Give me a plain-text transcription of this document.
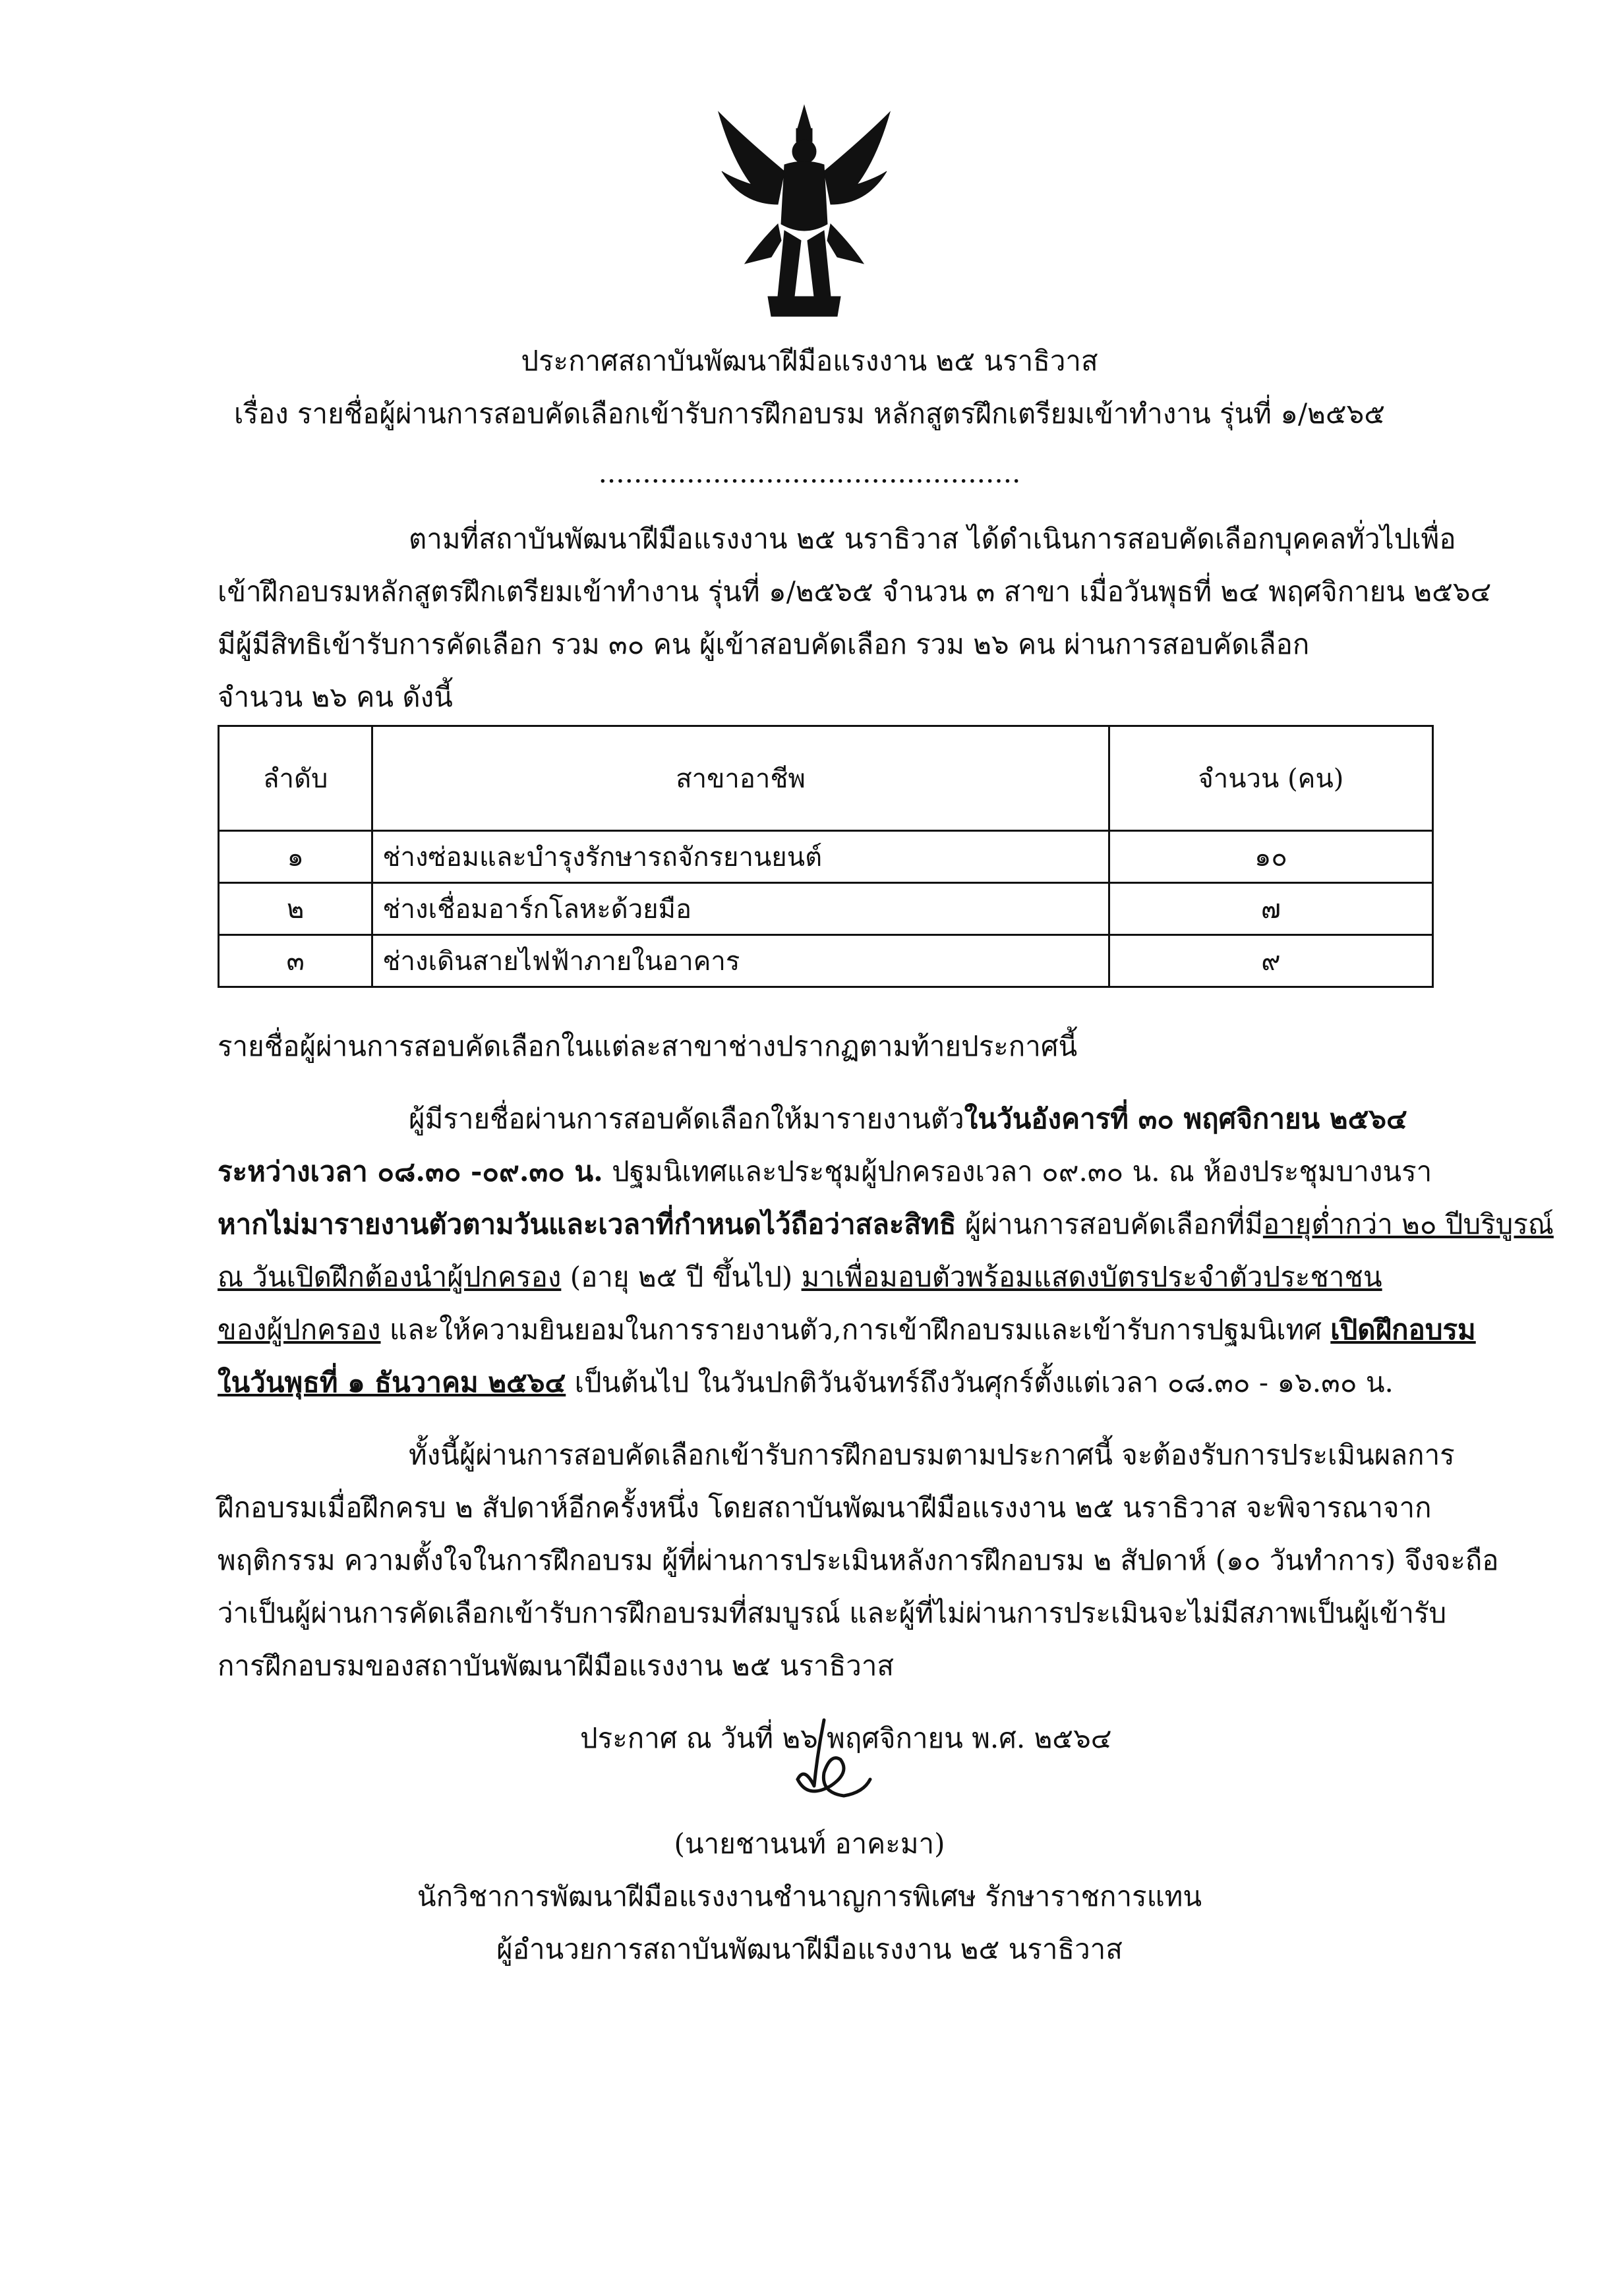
ประกาศสถาบันพัฒนาฝีมือแรงงาน ๒๕ นราธิวาส
เรื่อง รายชื่อผู้ผ่านการสอบคัดเลือกเข้ารับการฝึกอบรม หลักสูตรฝึกเตรียมเข้าทำงาน รุ่นที่ ๑/๒๕๖๕
................................................
ตามที่สถาบันพัฒนาฝีมือแรงงาน ๒๕ นราธิวาส ได้ดำเนินการสอบคัดเลือกบุคคลทั่วไปเพื่อ
เข้าฝึกอบรมหลักสูตรฝึกเตรียมเข้าทำงาน รุ่นที่ ๑/๒๕๖๕ จำนวน ๓ สาขา เมื่อวันพุธที่ ๒๔ พฤศจิกายน ๒๕๖๔
มีผู้มีสิทธิเข้ารับการคัดเลือก รวม ๓๐ คน ผู้เข้าสอบคัดเลือก รวม ๒๖ คน ผ่านการสอบคัดเลือก
จำนวน ๒๖ คน ดังนี้
ลำดับ	สาขาอาชีพ	จำนวน (คน)
๑	ช่างซ่อมและบำรุงรักษารถจักรยานยนต์	๑๐
๒	ช่างเชื่อมอาร์กโลหะด้วยมือ	๗
๓	ช่างเดินสายไฟฟ้าภายในอาคาร	๙
รายชื่อผู้ผ่านการสอบคัดเลือกในแต่ละสาขาช่างปรากฏตามท้ายประกาศนี้
ผู้มีรายชื่อผ่านการสอบคัดเลือกให้มารายงานตัวในวันอังคารที่ ๓๐ พฤศจิกายน ๒๕๖๔
ระหว่างเวลา ๐๘.๓๐ -๐๙.๓๐ น. ปฐมนิเทศและประชุมผู้ปกครองเวลา ๐๙.๓๐ น. ณ ห้องประชุมบางนรา
หากไม่มารายงานตัวตามวันและเวลาที่กำหนดไว้ถือว่าสละสิทธิ ผู้ผ่านการสอบคัดเลือกที่มีอายุต่ำกว่า ๒๐ ปีบริบูรณ์
ณ วันเปิดฝึกต้องนำผู้ปกครอง (อายุ ๒๕ ปี ขึ้นไป) มาเพื่อมอบตัวพร้อมแสดงบัตรประจำตัวประชาชน
ของผู้ปกครอง และให้ความยินยอมในการรายงานตัว,การเข้าฝึกอบรมและเข้ารับการปฐมนิเทศ เปิดฝึกอบรม
ในวันพุธที่ ๑ ธันวาคม ๒๕๖๔ เป็นต้นไป ในวันปกติวันจันทร์ถึงวันศุกร์ตั้งแต่เวลา ๐๘.๓๐ - ๑๖.๓๐ น.
ทั้งนี้ผู้ผ่านการสอบคัดเลือกเข้ารับการฝึกอบรมตามประกาศนี้ จะต้องรับการประเมินผลการ
ฝึกอบรมเมื่อฝึกครบ ๒ สัปดาห์อีกครั้งหนึ่ง โดยสถาบันพัฒนาฝีมือแรงงาน ๒๕ นราธิวาส จะพิจารณาจาก
พฤติกรรม ความตั้งใจในการฝึกอบรม ผู้ที่ผ่านการประเมินหลังการฝึกอบรม ๒ สัปดาห์ (๑๐ วันทำการ) จึงจะถือ
ว่าเป็นผู้ผ่านการคัดเลือกเข้ารับการฝึกอบรมที่สมบูรณ์ และผู้ที่ไม่ผ่านการประเมินจะไม่มีสภาพเป็นผู้เข้ารับ
การฝึกอบรมของสถาบันพัฒนาฝีมือแรงงาน ๒๕ นราธิวาส
ประกาศ ณ วันที่ ๒๖ พฤศจิกายน พ.ศ. ๒๕๖๔
(นายชานนท์ อาคะมา)
นักวิชาการพัฒนาฝีมือแรงงานชำนาญการพิเศษ รักษาราชการแทน
ผู้อำนวยการสถาบันพัฒนาฝีมือแรงงาน ๒๕ นราธิวาส
